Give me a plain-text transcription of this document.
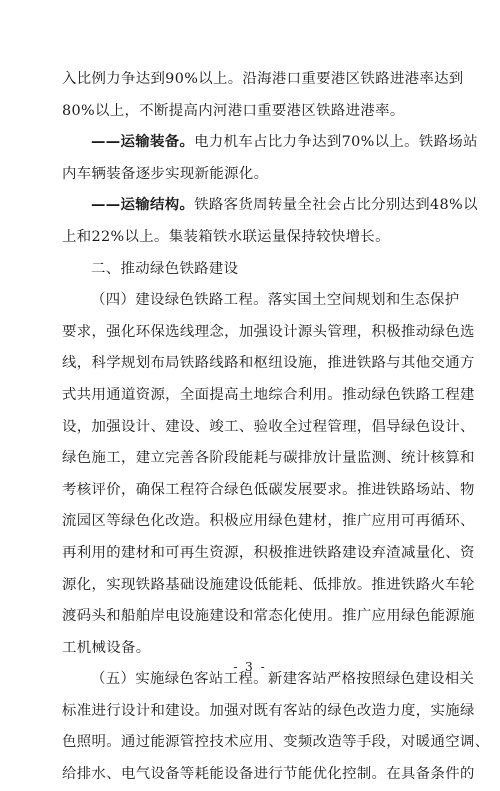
入比例力争达到90%以上。沿海港口重要港区铁路进港率达到
80%以上，不断提高内河港口重要港区铁路进港率。
——运输装备。电力机车占比力争达到70%以上。铁路场站
内车辆装备逐步实现新能源化。
——运输结构。铁路客货周转量全社会占比分别达到48%以
上和22%以上。集装箱铁水联运量保持较快增长。
二、推动绿色铁路建设
（四）建设绿色铁路工程。落实国土空间规划和生态保护
要求，强化环保选线理念，加强设计源头管理，积极推动绿色选
线，科学规划布局铁路线路和枢纽设施，推进铁路与其他交通方
式共用通道资源，全面提高土地综合利用。推动绿色铁路工程建
设，加强设计、建设、竣工、验收全过程管理，倡导绿色设计、
绿色施工，建立完善各阶段能耗与碳排放计量监测、统计核算和
考核评价，确保工程符合绿色低碳发展要求。推进铁路场站、物
流园区等绿色化改造。积极应用绿色建材，推广应用可再循环、
再利用的建材和可再生资源，积极推进铁路建设弃渣减量化、资
源化，实现铁路基础设施建设低能耗、低排放。推进铁路火车轮
渡码头和船舶岸电设施建设和常态化使用。推广应用绿色能源施
工机械设备。
（五）实施绿色客站工程。新建客站严格按照绿色建设相关
标准进行设计和建设。加强对既有客站的绿色改造力度，实施绿
色照明。通过能源管控技术应用、变频改造等手段，对暖通空调、
给排水、电气设备等耗能设备进行节能优化控制。在具备条件的
- 3 -
